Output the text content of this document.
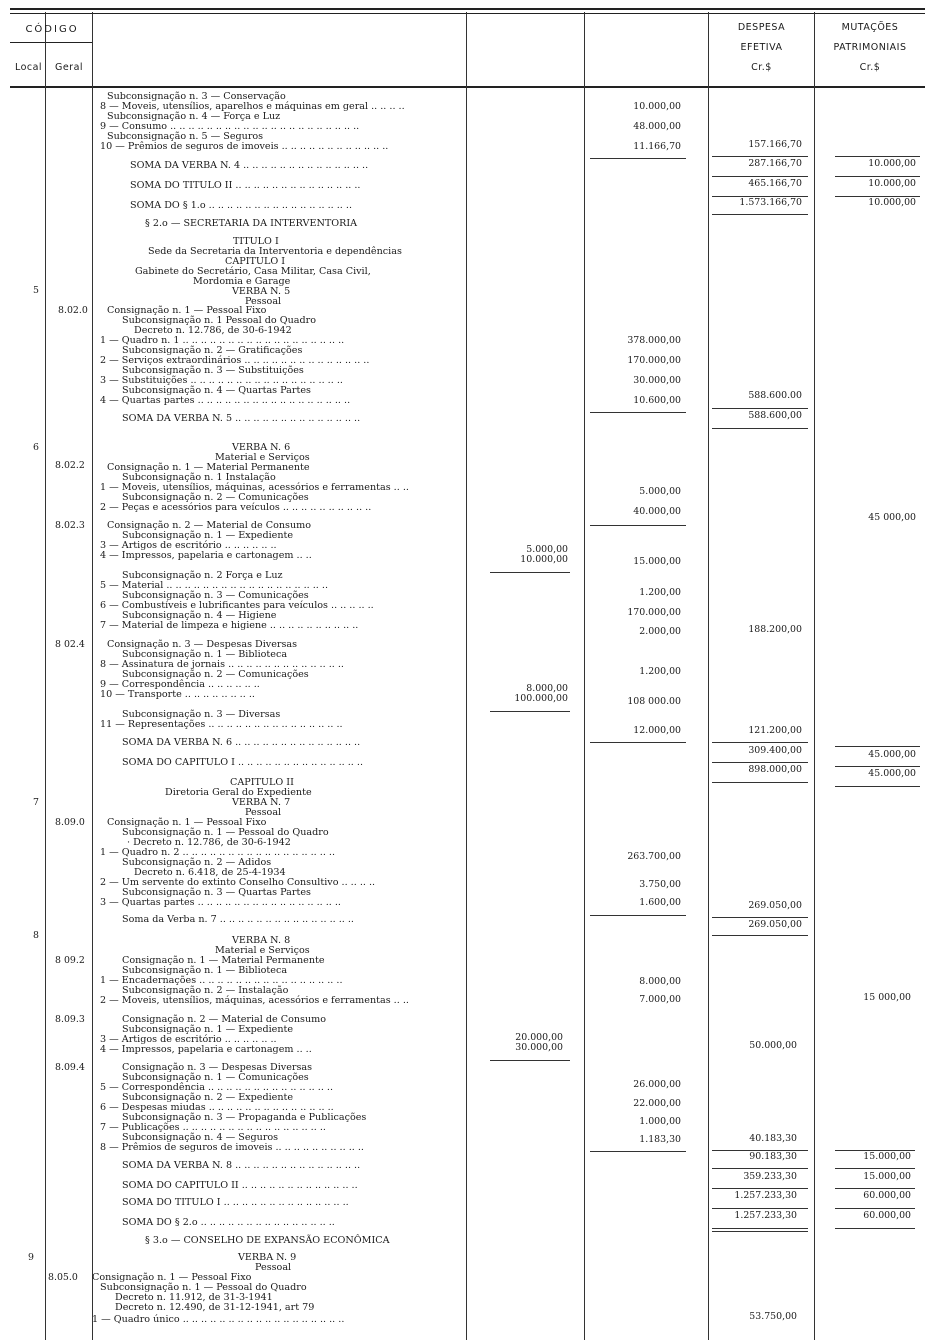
CÓDIGO
Local	Geral
DESPESA
EFETIVA
Cr.$
MUTAÇÕES
PATRIMONIAIS
Cr.$
Subconsignação n. 3 — Conservação
8 — Moveis, utensílios, aparelhos e máquinas em geral .. .. .. ..
Subconsignação n. 4 — Força e Luz
9 — Consumo .. .. .. .. .. .. .. .. .. .. .. .. .. .. .. .. .. .. .. .. ..
Subconsignação n. 5 — Seguros
10 — Prêmios de seguros de imoveis .. .. .. .. .. .. .. .. .. .. .. ..
SOMA DA VERBA N. 4 .. .. .. .. .. .. .. .. .. .. .. .. .. ..
SOMA DO TITULO II .. .. .. .. .. .. .. .. .. .. .. .. .. ..
SOMA DO § 1.o .. .. .. .. .. .. .. .. .. .. .. .. .. .. .. ..
§ 2.o — SECRETARIA DA INTERVENTORIA
TITULO I
Sede da Secretaria da Interventoria e dependências
CAPITULO I
Gabinete do Secretário, Casa Militar, Casa Civil,
Mordomia e Garage
VERBA N. 5
Pessoal
Consignação n. 1 — Pessoal Fixo
Subconsignação n. 1 Pessoal do Quadro
Decreto n. 12.786, de 30-6-1942
1 — Quadro n. 1 .. .. .. .. .. .. .. .. .. .. .. .. .. .. .. .. .. ..
Subconsignação n. 2 — Gratificações
2 — Serviços extraordinários .. .. .. .. .. .. .. .. .. .. .. .. .. ..
Subconsignação n. 3 — Substituições
3 — Substituições .. .. .. .. .. .. .. .. .. .. .. .. .. .. .. .. ..
Subconsignação n. 4 — Quartas Partes
4 — Quartas partes .. .. .. .. .. .. .. .. .. .. .. .. .. .. .. .. ..
SOMA DA VERBA N. 5 .. .. .. .. .. .. .. .. .. .. .. .. .. ..
VERBA N. 6
Material e Serviços
Consignação n. 1 — Material Permanente
Subconsignação n. 1 Instalação
1 — Moveis, utensílios, máquinas, acessórios e ferramentas .. ..
Subconsignação n. 2 — Comunicações
2 — Peças e acessórios para veículos .. .. .. .. .. .. .. .. .. ..
Consignação n. 2 — Material de Consumo
Subconsignação n. 1 — Expediente
3 — Artigos de escritório .. .. .. .. .. ..
4 — Impressos, papelaria e cartonagem .. ..
Subconsignação n. 2 Força e Luz
5 — Material .. .. .. .. .. .. .. .. .. .. .. .. .. .. .. .. .. ..
Subconsignação n. 3 — Comunicações
6 — Combustíveis e lubrificantes para veículos .. .. .. .. ..
Subconsignação n. 4 — Higiene
7 — Material de limpeza e higiene .. .. .. .. .. .. .. .. .. ..
Consignação n. 3 — Despesas Diversas
Subconsignação n. 1 — Biblioteca
8 — Assinatura de jornais .. .. .. .. .. .. .. .. .. .. .. .. ..
Subconsignação n. 2 — Comunicações
9 — Correspondência .. .. .. .. .. ..
10 — Transporte .. .. .. .. .. .. .. ..
Subconsignação n. 3 — Diversas
11 — Representações .. .. .. .. .. .. .. .. .. .. .. .. .. .. ..
SOMA DA VERBA N. 6 .. .. .. .. .. .. .. .. .. .. .. .. .. ..
SOMA DO CAPITULO I .. .. .. .. .. .. .. .. .. .. .. .. .. ..
CAPITULO II
Diretoria Geral do Expediente
VERBA N. 7
Pessoal
Consignação n. 1 — Pessoal Fixo
Subconsignação n. 1 — Pessoal do Quadro
· Decreto n. 12.786, de 30-6-1942
1 — Quadro n. 2 .. .. .. .. .. .. .. .. .. .. .. .. .. .. .. .. ..
Subconsignação n. 2 — Adidos
Decreto n. 6.418, de 25-4-1934
2 — Um servente do extinto Conselho Consultivo .. .. .. ..
Subconsignação n. 3 — Quartas Partes
3 — Quartas partes .. .. .. .. .. .. .. .. .. .. .. .. .. .. .. ..
Soma da Verba n. 7 .. .. .. .. .. .. .. .. .. .. .. .. .. .. ..
VERBA N. 8
Material e Serviços
Consignação n. 1 — Material Permanente
Subconsignação n. 1 — Biblioteca
1 — Encadernações .. .. .. .. .. .. .. .. .. .. .. .. .. .. .. ..
Subconsignação n. 2 — Instalação
2 — Moveis, utensílios, máquinas, acessórios e ferramentas .. ..
Consignação n. 2 — Material de Consumo
Subconsignação n. 1 — Expediente
3 — Artigos de escritório .. .. .. .. .. ..
4 — Impressos, papelaria e cartonagem .. ..
Consignação n. 3 — Despesas Diversas
Subconsignação n. 1 — Comunicações
5 — Correspondência .. .. .. .. .. .. .. .. .. .. .. .. .. ..
Subconsignação n. 2 — Expediente
6 — Despesas miudas .. .. .. .. .. .. .. .. .. .. .. .. .. ..
Subconsignação n. 3 — Propaganda e Publicações
7 — Publicações .. .. .. .. .. .. .. .. .. .. .. .. .. .. .. ..
Subconsignação n. 4 — Seguros
8 — Prêmios de seguros de imoveis .. .. .. .. .. .. .. .. .. ..
SOMA DA VERBA N. 8 .. .. .. .. .. .. .. .. .. .. .. .. .. ..
SOMA DO CAPITULO II .. .. .. .. .. .. .. .. .. .. .. .. ..
SOMA DO TITULO I .. .. .. .. .. .. .. .. .. .. .. .. .. ..
SOMA DO § 2.o .. .. .. .. .. .. .. .. .. .. .. .. .. .. ..
§ 3.o — CONSELHO DE EXPANSÃO ECONÔMICA
VERBA N. 9
Pessoal
Consignação n. 1 — Pessoal Fixo
Subconsignação n. 1 — Pessoal do Quadro
Decreto n. 11.912, de 31-3-1941
Decreto n. 12.490, de 31-12-1941, art 79
1 — Quadro único .. .. .. .. .. .. .. .. .. .. .. .. .. .. .. .. .. ..
5
8.02.0
6
8.02.2
8.02.3
8 02.4
7
8.09.0
8
8 09.2
8.09.3
8.09.4
9
8.05.0
5.000,00
10.000,00
8.000,00
100.000,00
20.000,00
30.000,00
10.000,00
48.000,00
11.166,70
378.000,00
170.000,00
30.000,00
10.600,00
5.000,00
40.000,00
15.000,00
1.200,00
170.000,00
2.000,00
1.200,00
108 000.00
12.000,00
263.700,00
3.750,00
1.600,00
8.000,00
7.000,00
26.000,00
22.000,00
1.000,00
1.183,30
157.166,70
287.166,70
465.166,70
1.573.166,70
588.600.00
588.600,00
188.200,00
121.200,00
309.400,00
898.000,00
269.050,00
269.050,00
50.000,00
40.183,30
90.183,30
359.233,30
1.257.233,30
1.257.233,30
53.750,00
10.000,00
10.000,00
10.000,00
45 000,00
45.000,00
45.000,00
15 000,00
15.000,00
15.000,00
60.000,00
60.000,00
